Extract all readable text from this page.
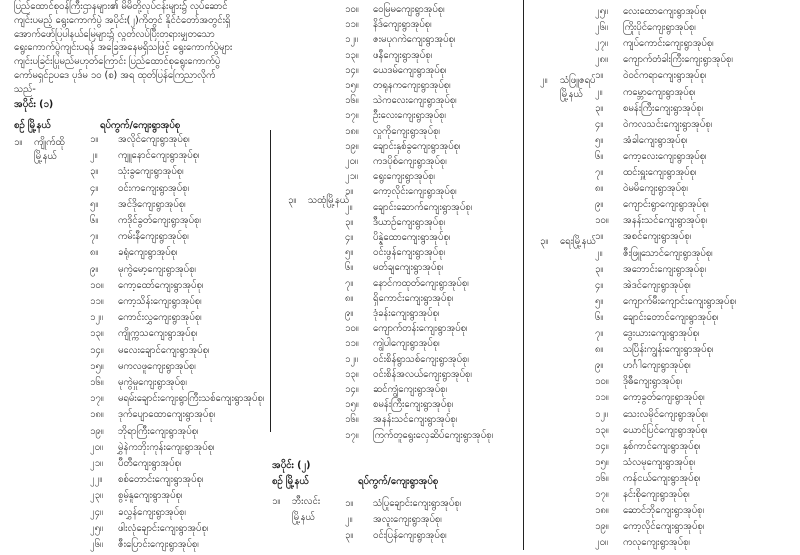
ပြည်ထောင်စုဝန်ကြီးဌာနများ၏ မိမိတို့လုပ်ငန်းများ၌ လုပ်ဆောင်
ကျင်းပမည့် ရွေးကောက်ပွဲ အပိုင်း(၂)ကိုတွင် နိုင်ငံတော်အတွင်းရှိ
အောက်ဖော်ပြပါနယ်မြေများ၌ လွတ်လပ်ပြီးတရားမျှတသော
ရွေးကောက်ပွဲကျင်းပရန် အခြေအနေမရှိသဖြင့် ရွေးကောက်ပွဲများ
ကျင်းပခြင်းပြုမည်မဟုတ်ကြောင်း ပြည်ထောင်စုရွေးကောက်ပွဲ
ကော်မရှင်ဥပဒေ ပုဒ်မ ၁၀ (စ) အရ ထုတ်ပြန်ကြေညာလိုက်
သည်-
အပိုင်း (၁)
စဉ် မြို့နယ်	ရပ်ကွက်/ကျေးရွာအုပ်စု
၁။ ကျိုက်ထို
မြို့နယ်
၁။ အလိုင်ကျေးရွာအုပ်စု၊
၂။ ကျူနောင်ကျေးရွာအုပ်စု၊
၃။ သုံးခွကျေးရွာအုပ်စု၊
၄။ ဝင်းကကျေးရွာအုပ်စု၊
၅။ အင်ဒိုကျေးရွာအုပ်စု၊
၆။ ကဒိုင်ခွတ်ကျေးရွာအုပ်စု၊
၇။ ကမ်းနီကျေးရွာအုပ်စု၊
၈။ ခရုံကျေးရွာအုပ်စု၊
၉။ မုကွဲမော့ကျေးရွာအုပ်စု၊
၁၀။ ကော့ထော်ကျေးရွာအုပ်စု၊
၁၁။ ကော့သိန်းကျေးရွာအုပ်စု၊
၁၂။ ကောင်းလွှကျေးရွာအုပ်စု၊
၁၃။ ကျိုက္ကသကျေးရွာအုပ်စု၊
၁၄။ မလေးချောင်ကျေးရွာအုပ်စု၊
၁၅။ မကလဖူကျေးရွာအုပ်စု၊
၁၆။ မုကွဲမှုကျေးရွာအုပ်စု၊
၁၇။ မရမ်းချောင်းကျေးရွာကြီးသစ်ကျေးရွာအုပ်စု၊
၁၈။ ဒုက်ပျောထောကျေးရွာအုပ်စု၊
၁၉။ ဘိုရာကြီးကျေးရွာအုပ်စု၊
၂၀။ မွှဲနဲကဘိုးကုန်းကျေးရွာအုပ်စု၊
၂၁။ ပီတီကျေးရွာအုပ်စု၊
၂၂။ စစ်တောင်းကျေးရွာအုပ်စု၊
၂၃။ စွမ့်နူကျေးရွာအုပ်စု၊
၂၄။ ခလွှန်ကျေးရွာအုပ်စု၊
၂၅။ ဖါးလုံချောင်းကျေးရွာအုပ်စု၊
၂၆။ ဇီးပြောင်းကျေးရွာအုပ်စု၊
၃။ သထုံမြို့နယ်
၁၀။ ဝေမြမကျေးရွာအုပ်စု၊
၁၁။ နိဒ်ကျေးရွာအုပ်စု၊
၁၂။ ဇးမပုဂကဲကျေးရွာအုပ်စု၊
၁၃။ ဖနီကျေးရွာအုပ်စု၊
၁၄။ ယေဒမ်ကျေးရွာအုပ်စု၊
၁၅။ တရုနကကျေးရွာအုပ်စု၊
၁၆။ သဲကလေးကျေးရွာအုပ်စု၊
၁၇။ ဦးလေးကျေးရွာအုပ်စု၊
၁၈။ လှုကိုကျေးရွာအုပ်စု၊
၁၉။ ချောင်းနှစ်ခွကျေးရွာအုပ်စု၊
၂၀။ ကဒပိုစ်ကျေးရွာအုပ်စု၊
၂၁။ ရွေးကျေးရွာအုပ်စု၊
၁။ ကော့လိုင်းကျေးရွာအုပ်စု၊
၂။ ချောင်းဆောက်ကျေးရွာအုပ်စု၊
၃။ ဒီယာဉ်ကျေးရွာအုပ်စု၊
၄။ ပိန္နဲထောကျေးရွာအုပ်စု၊
၅။ ဝင်းဖွန်ကျေးရွာအုပ်စု၊
၆။ မတ်ချကျေးရွာအုပ်စု၊
၇။ နောင်ကထုတ်ကျေးရွာအုပ်စု၊
၈။ ရှိကောင်းကျေးရွာအုပ်စု၊
၉။ ဒုံခန်းကျေးရွာအုပ်စု၊
၁၀။ ကျောက်တန်းကျေးရွာအုပ်စု၊
၁၁။ ကျွဲပါကျေးရွာအုပ်စု၊
၁၂။ ဝင်းစိန်ရွာသစ်ကျေးရွာအုပ်စု၊
၁၃။ ဝင်းစိန်အလယ်ကျေးရွာအုပ်စု၊
၁၄။ ဆင်ကျွံကျေးရွာအုပ်စု၊
၁၅။ စမန်းကြီးကျေးရွာအုပ်စု၊
၁၆။ အနန်းသင်ကျေးရွာအုပ်စု၊
၁၇။ ကြက်တူရွေးလှေဆိပ်ကျေးရွာအုပ်စု၊
အပိုင်း (၂)
စဉ် မြို့နယ်	ရပ်ကွက်/ကျေးရွာအုပ်စု
၁။ ဘီးလင်း
မြို့နယ်
၁။ သံပြုချောင်းကျေးရွာအုပ်စု၊
၂။ အလူးကျေးရွာအုပ်စု၊
၃။ ဝင်းပြန်ကျေးရွာအုပ်စု၊
၂။ သံဖြူဇရပ်
မြို့နယ်
၃။ ရေးမြို့နယ်
၂၅။ လေးထောကျေးရွာအုပ်စု၊
၂၆။ ကြိုးပိုင်ကျေးရွာအုပ်စု၊
၂၇။ ကျပ်ကောင်းကျေးရွာအုပ်စု၊
၂၈။ ကျောက်တံခါးကြီးကျေးရွာအုပ်စု၊
၁။ ဝဲဝင်ကရာကျေးရွာအုပ်စု၊
၂။ ကမ္ဘောကျေးရွာအုပ်စု၊
၃။ စမန်းကြီးကျေးရွာအုပ်စု၊
၄။ ဝဲကလသင်းကျေးရွာအုပ်စု၊
၅။ အံခါကျေးရွာအုပ်စု၊
၆။ ကော့လေးကျေးရွာအုပ်စု၊
၇။ ထင်းရှူးကျေးရွာအုပ်စု၊
၈။ ဝဲမမိကျေးရွာအုပ်စု၊
၉။ ကျောင်းရွာကျေးရွာအုပ်စု၊
၁၀။ အနန်းသင်ကျေးရွာအုပ်စု၊
၁။ အစင်ကျေးရွာအုပ်စု၊
၂။ ဇီးဖြူသောင်ကျေးရွာအုပ်စု၊
၃။ အဘောင်းကျေးရွာအုပ်စု၊
၄။ အဲဒင်ကျေးရွာအုပ်စု၊
၅။ ကျောက်မီးကျောင်းကျေးရွာအုပ်စု၊
၆။ ချောင်းတောင်ကျေးရွာအုပ်စု၊
၇။ ဒွေးယားကျေးရွာအုပ်စု၊
၈။ သပြိန်းကျွန်းကျေးရွာအုပ်စု၊
၉။ ဟင်္ဂါကျေးရွာအုပ်စု၊
၁၀။ ဒိုဓီကျေးရွာအုပ်စု၊
၁၁။ ကော့ခွတ်ကျေးရွာအုပ်စု၊
၁၂။ သေးလမိုင်ကျေးရွာအုပ်စု၊
၁၃။ ယောင်ပြင်ကျေးရွာအုပ်စု၊
၁၄။ နှစ်ကာင်ကျေးရွာအုပ်စု၊
၁၅။ သံလမုကျေးရွာအုပ်စု၊
၁၆။ ကန်ငယ်ကျေးရွာအုပ်စု၊
၁၇။ နင်းစိုကျေးရွာအုပ်စု၊
၁၈။ ဆောင်ဘိုကျေးရွာအုပ်စု၊
၁၉။ ကော့လိုင်ကျေးရွာအုပ်စု၊
၂၀။ ကလုကျေးရွာအုပ်စု၊
